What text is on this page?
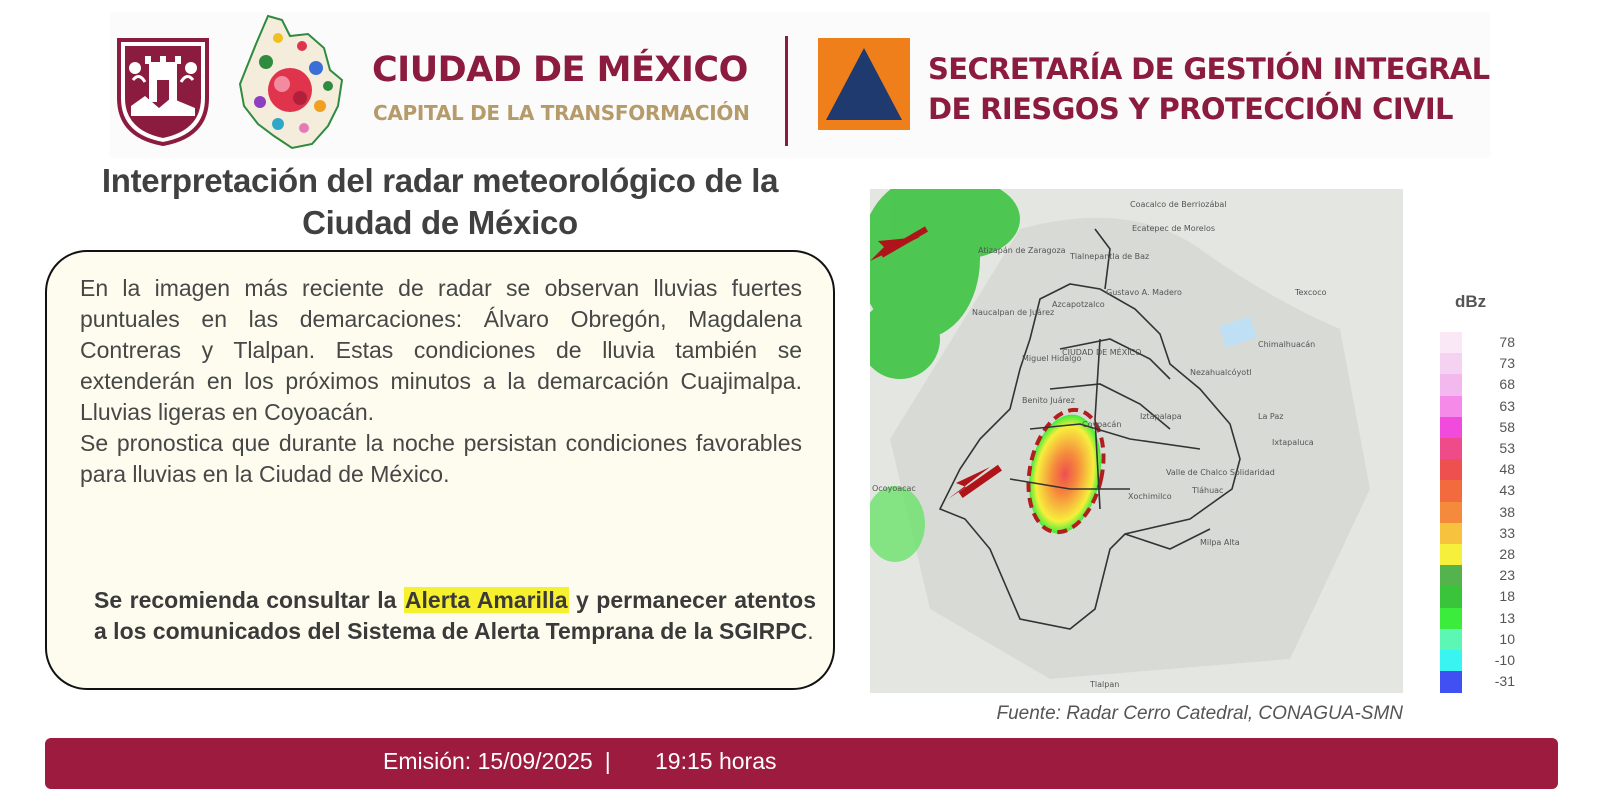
CIUDAD DE MÉXICO
CAPITAL DE LA TRANSFORMACIÓN
SECRETARÍA DE GESTIÓN INTEGRAL
DE RIESGOS Y PROTECCIÓN CIVIL
Interpretación del radar meteorológico de la
Ciudad de México

En la imagen más reciente de radar se observan lluvias fuertes puntuales en las demarcaciones: Álvaro Obregón, Magdalena Contreras y Tlalpan. Estas condiciones de lluvia también se extenderán en los próximos minutos a la demarcación Cuajimalpa. Lluvias ligeras en Coyoacán.

Se pronostica que durante la noche persistan condiciones favorables para lluvias en la Ciudad de México.

Se recomienda consultar la Alerta Amarilla y permanecer atentos a los comunicados del Sistema de Alerta Temprana de la SGIRPC.
Coacalco de Berriozábal
Ecatepec de Morelos
Atizapán de Zaragoza
Tlalnepantla de Baz
Azcapotzalco
Gustavo A. Madero
Naucalpan de Juárez
Texcoco
CIUDAD DE MÉXICO
Chimalhuacán
Miguel Hidalgo
Nezahualcóyotl
Benito Juárez
Iztapalapa
Coyoacán
La Paz
Ixtapaluca
Valle de Chalco Solidaridad
Xochimilco
Tláhuac
Milpa Alta
Ocoyoacac
Tlalpan
Fuente: Radar Cerro Catedral, CONAGUA-SMN
dBz
78
73
68
63
58
53
48
43
38
33
28
23
18
13
10
-10
-31
Emisión: 15/09/2025 |	19:15 horas
